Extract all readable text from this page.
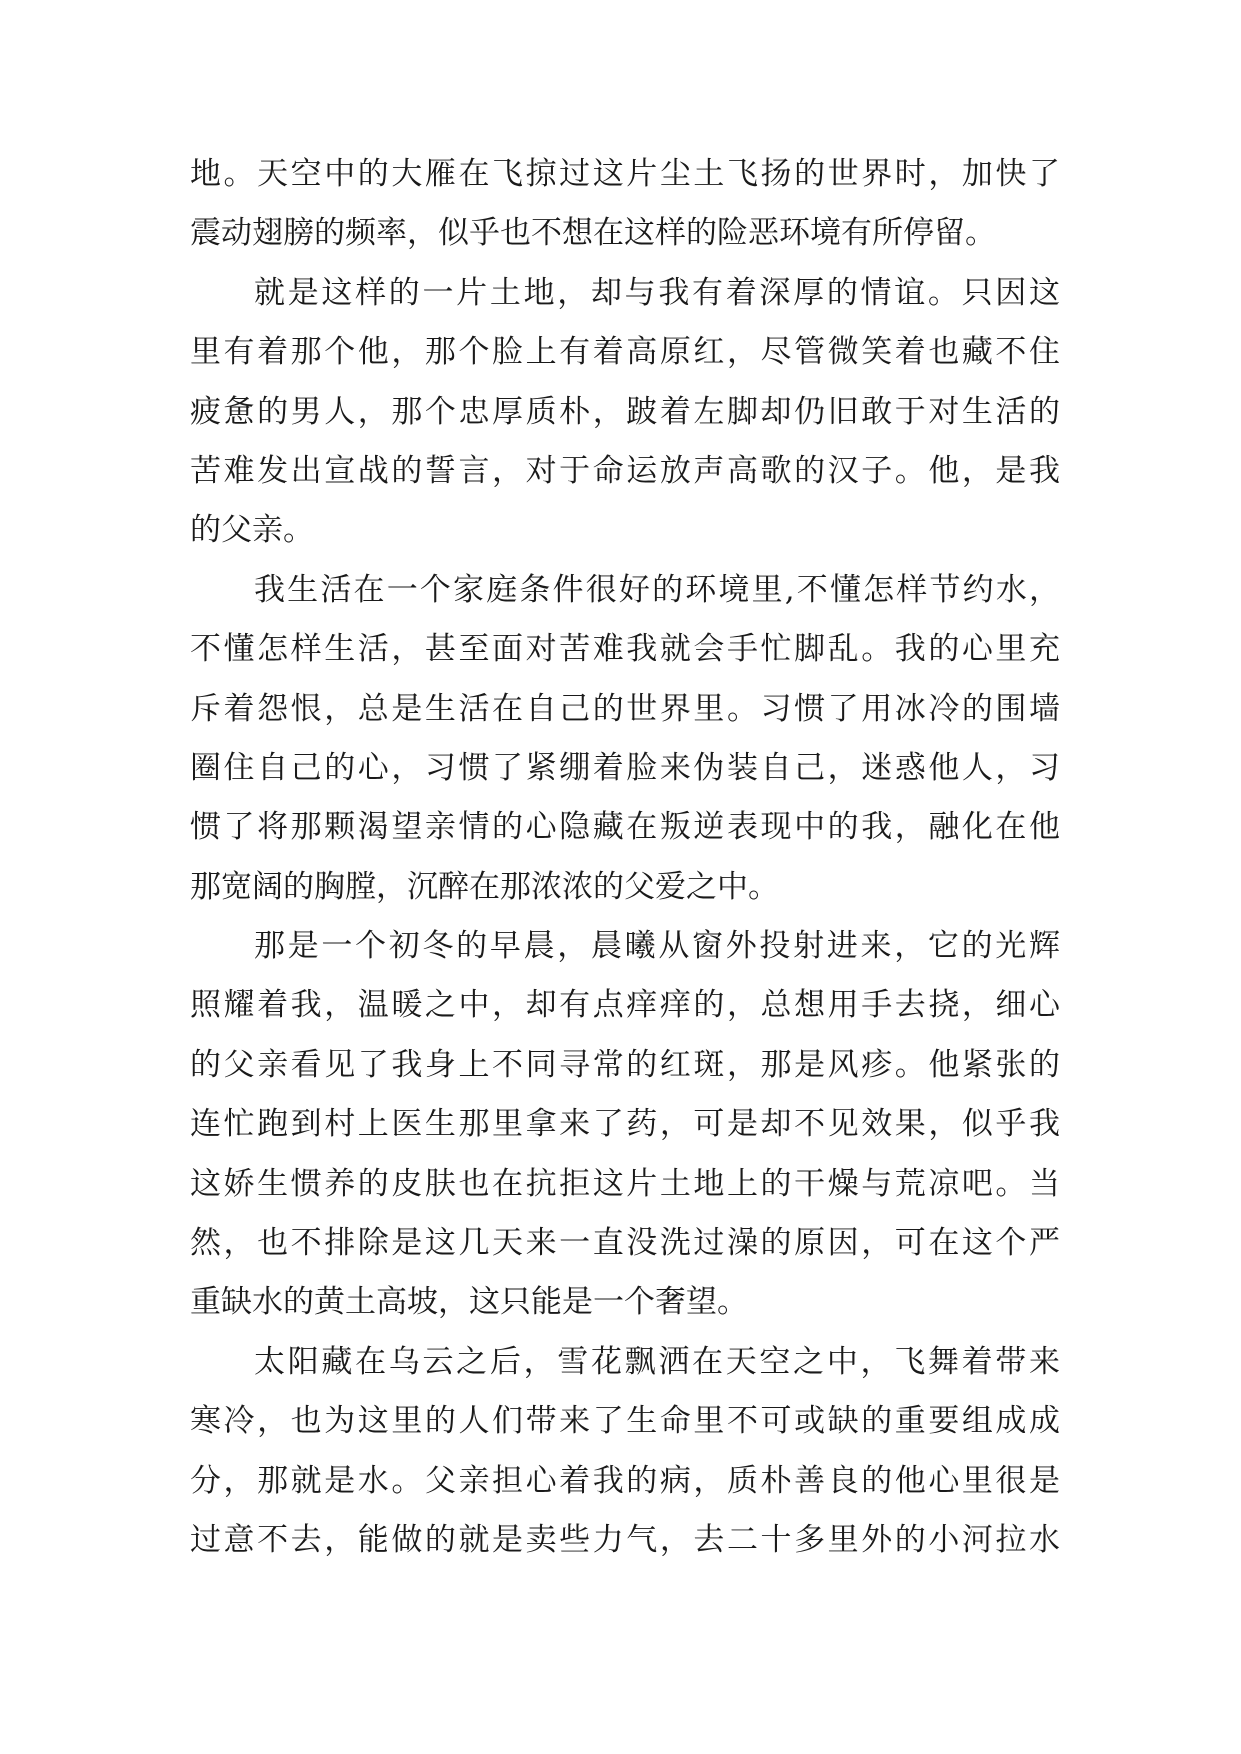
地。天空中的大雁在飞掠过这片尘土飞扬的世界时，加快了
震动翅膀的频率，似乎也不想在这样的险恶环境有所停留。
就是这样的一片土地，却与我有着深厚的情谊。只因这
里有着那个他，那个脸上有着高原红，尽管微笑着也藏不住
疲惫的男人，那个忠厚质朴，跛着左脚却仍旧敢于对生活的
苦难发出宣战的誓言，对于命运放声高歌的汉子。他，是我
的父亲。
我生活在一个家庭条件很好的环境里,不懂怎样节约水，
不懂怎样生活，甚至面对苦难我就会手忙脚乱。我的心里充
斥着怨恨，总是生活在自己的世界里。习惯了用冰冷的围墙
圈住自己的心，习惯了紧绷着脸来伪装自己，迷惑他人，习
惯了将那颗渴望亲情的心隐藏在叛逆表现中的我，融化在他
那宽阔的胸膛，沉醉在那浓浓的父爱之中。
那是一个初冬的早晨，晨曦从窗外投射进来，它的光辉
照耀着我，温暖之中，却有点痒痒的，总想用手去挠，细心
的父亲看见了我身上不同寻常的红斑，那是风疹。他紧张的
连忙跑到村上医生那里拿来了药，可是却不见效果，似乎我
这娇生惯养的皮肤也在抗拒这片土地上的干燥与荒凉吧。当
然，也不排除是这几天来一直没洗过澡的原因，可在这个严
重缺水的黄土高坡，这只能是一个奢望。
太阳藏在乌云之后，雪花飘洒在天空之中，飞舞着带来
寒冷，也为这里的人们带来了生命里不可或缺的重要组成成
分，那就是水。父亲担心着我的病，质朴善良的他心里很是
过意不去，能做的就是卖些力气，去二十多里外的小河拉水
